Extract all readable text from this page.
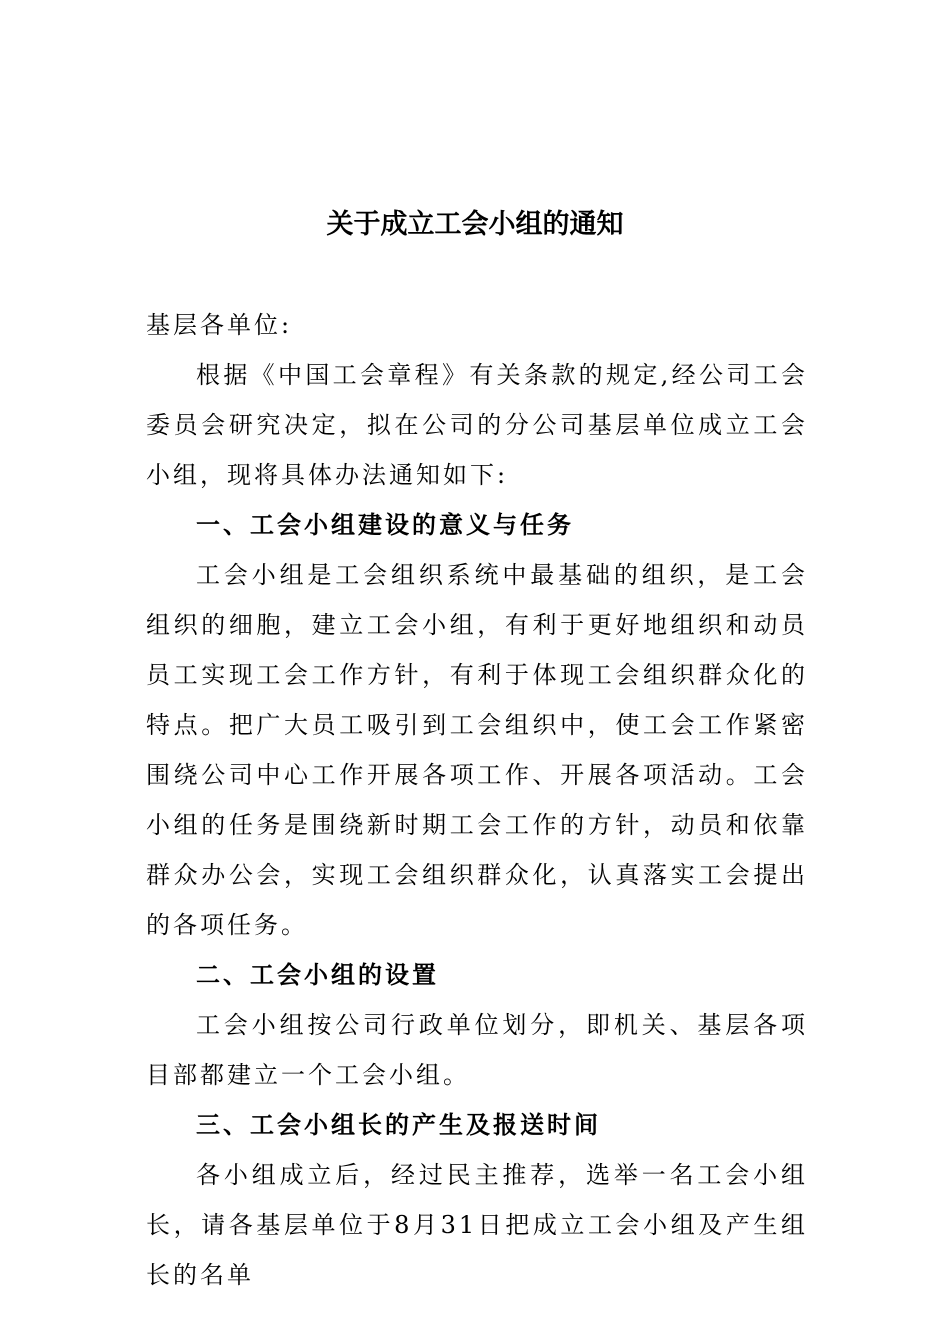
关于成立工会小组的通知

基层各单位:

根据《中国工会章程》有关条款的规定,经公司工会委员会研究决定，拟在公司的分公司基层单位成立工会小组，现将具体办法通知如下:

一、工会小组建设的意义与任务

工会小组是工会组织系统中最基础的组织，是工会组织的细胞，建立工会小组，有利于更好地组织和动员员工实现工会工作方针，有利于体现工会组织群众化的特点。把广大员工吸引到工会组织中，使工会工作紧密围绕公司中心工作开展各项工作、开展各项活动。工会小组的任务是围绕新时期工会工作的方针，动员和依靠群众办公会，实现工会组织群众化，认真落实工会提出的各项任务。

二、工会小组的设置

工会小组按公司行政单位划分，即机关、基层各项目部都建立一个工会小组。

三、工会小组长的产生及报送时间

各小组成立后，经过民主推荐，选举一名工会小组长，请各基层单位于8月31日把成立工会小组及产生组长的名单
